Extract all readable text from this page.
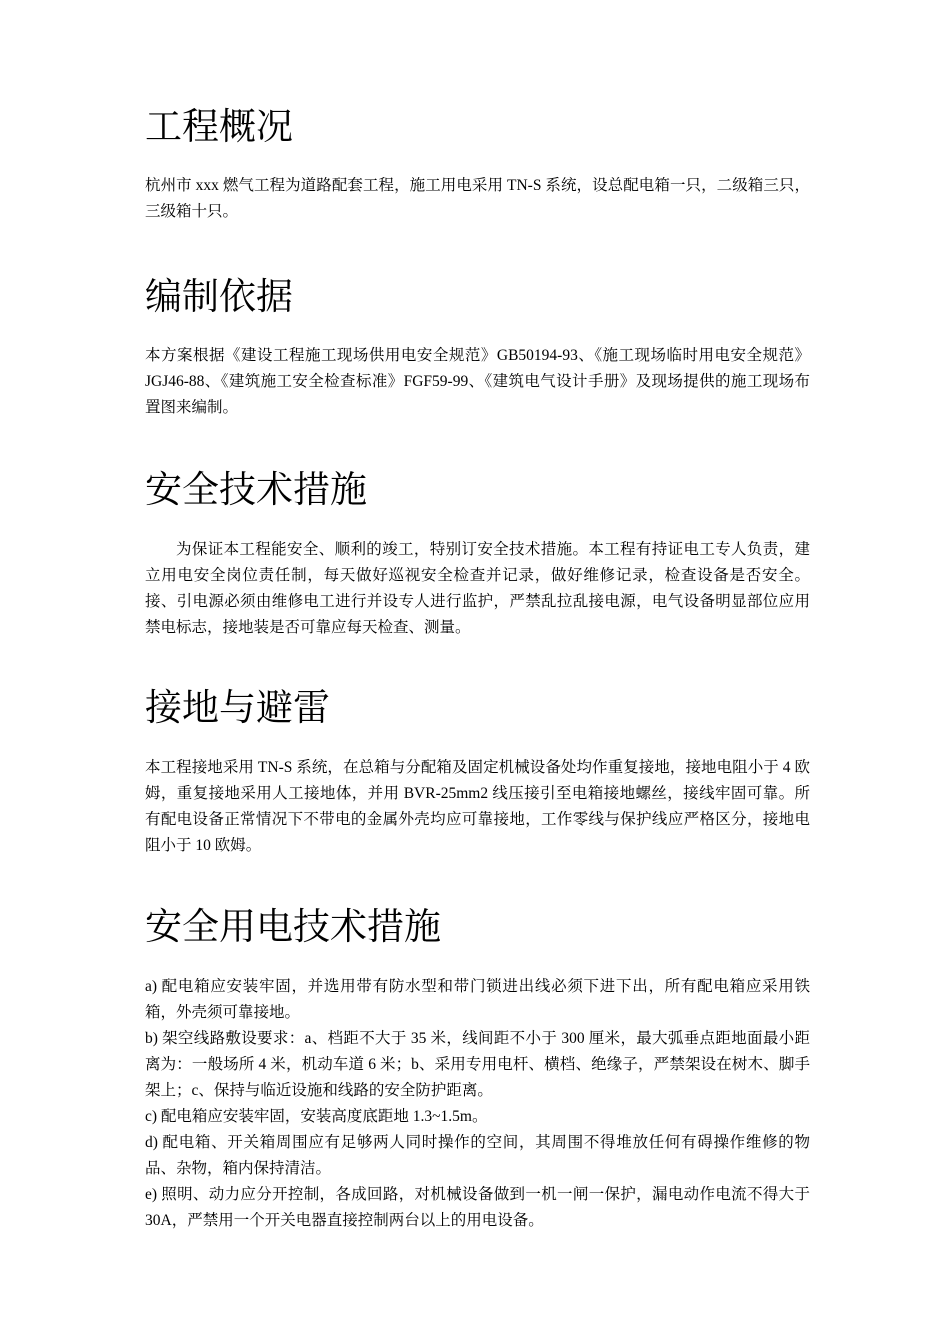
工程概况

杭州市 xxx 燃气工程为道路配套工程，施工用电采用 TN-S 系统，设总配电箱一只，二级箱三只，三级箱十只。

编制依据

本方案根据《建设工程施工现场供用电安全规范》GB50194-93、《施工现场临时用电安全规范》JGJ46-88、《建筑施工安全检查标准》FGF59-99、《建筑电气设计手册》及现场提供的施工现场布置图来编制。

安全技术措施

为保证本工程能安全、顺利的竣工，特别订安全技术措施。本工程有持证电工专人负责，建立用电安全岗位责任制，每天做好巡视安全检查并记录，做好维修记录，检查设备是否安全。接、引电源必须由维修电工进行并设专人进行监护，严禁乱拉乱接电源，电气设备明显部位应用禁电标志，接地装是否可靠应每天检查、测量。

接地与避雷

本工程接地采用 TN-S 系统，在总箱与分配箱及固定机械设备处均作重复接地，接地电阻小于 4 欧姆，重复接地采用人工接地体，并用 BVR-25mm2 线压接引至电箱接地螺丝，接线牢固可靠。所有配电设备正常情况下不带电的金属外壳均应可靠接地，工作零线与保护线应严格区分，接地电阻小于 10 欧姆。

安全用电技术措施
a) 配电箱应安装牢固，并选用带有防水型和带门锁进出线必须下进下出，所有配电箱应采用铁箱，外壳须可靠接地。
b) 架空线路敷设要求：a、档距不大于 35 米，线间距不小于 300 厘米，最大弧垂点距地面最小距离为：一般场所 4 米，机动车道 6 米；b、采用专用电杆、横档、绝缘子，严禁架设在树木、脚手架上；c、保持与临近设施和线路的安全防护距离。
c) 配电箱应安装牢固，安装高度底距地 1.3~1.5m。
d) 配电箱、开关箱周围应有足够两人同时操作的空间，其周围不得堆放任何有碍操作维修的物品、杂物，箱内保持清洁。
e) 照明、动力应分开控制，各成回路，对机械设备做到一机一闸一保护，漏电动作电流不得大于 30A，严禁用一个开关电器直接控制两台以上的用电设备。
